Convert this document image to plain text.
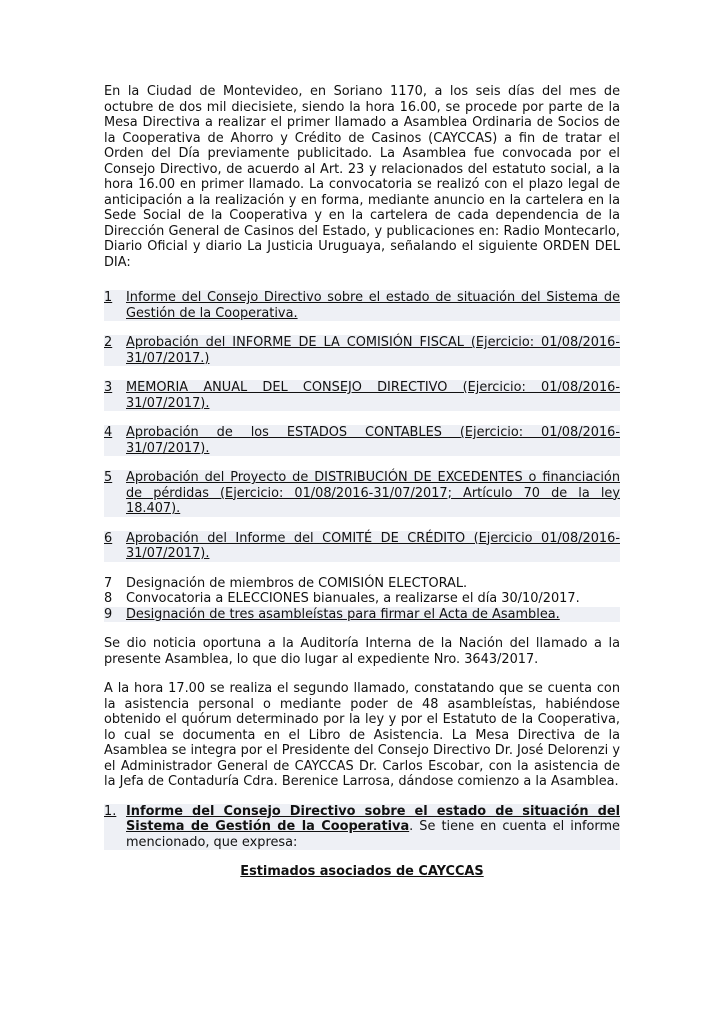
En la Ciudad de Montevideo, en Soriano 1170, a los seis días del mes de octubre de dos mil diecisiete, siendo la hora 16.00, se procede por parte de la Mesa Directiva a realizar el primer llamado a Asamblea Ordinaria de Socios de la Cooperativa de Ahorro y Crédito de Casinos (CAYCCAS) a fin de tratar el Orden del Día previamente publicitado. La Asamblea fue convocada por el Consejo Directivo, de acuerdo al Art. 23 y relacionados del estatuto social, a la hora 16.00 en primer llamado. La convocatoria se realizó con el plazo legal de anticipación a la realización y en forma, mediante anuncio en la cartelera en la Sede Social de la Cooperativa y en la cartelera de cada dependencia de la Dirección General de Casinos del Estado, y publicaciones en: Radio Montecarlo, Diario Oficial y diario La Justicia Uruguaya, señalando el siguiente ORDEN DEL DIA:

1	Informe del Consejo Directivo sobre el estado de situación del Sistema de Gestión de la Cooperativa.
2	Aprobación del INFORME DE LA COMISIÓN FISCAL (Ejercicio: 01/08/2016-31/07/2017.)
3	MEMORIA ANUAL DEL CONSEJO DIRECTIVO (Ejercicio: 01/08/2016-31/07/2017).
4	Aprobación de los ESTADOS CONTABLES (Ejercicio: 01/08/2016-31/07/2017).
5	Aprobación del Proyecto de DISTRIBUCIÓN DE EXCEDENTES o financiación de pérdidas (Ejercicio: 01/08/2016-31/07/2017; Artículo 70 de la ley 18.407).
6	Aprobación del Informe del COMITÉ DE CRÉDITO (Ejercicio 01/08/2016-31/07/2017).
7	Designación de miembros de COMISIÓN ELECTORAL.
8	Convocatoria a ELECCIONES bianuales, a realizarse el día 30/10/2017.
9	Designación de tres asambleístas para firmar el Acta de Asamblea.

Se dio noticia oportuna a la Auditoría Interna de la Nación del llamado a la presente Asamblea, lo que dio lugar al expediente Nro. 3643/2017.

A la hora 17.00 se realiza el segundo llamado, constatando que se cuenta con la asistencia personal o mediante poder de 48 asambleístas, habiéndose obtenido el quórum determinado por la ley y por el Estatuto de la Cooperativa, lo cual se documenta en el Libro de Asistencia. La Mesa Directiva de la Asamblea se integra por el Presidente del Consejo Directivo Dr. José Delorenzi y el Administrador General de CAYCCAS Dr. Carlos Escobar, con la asistencia de la Jefa de Contaduría Cdra. Berenice Larrosa, dándose comienzo a la Asamblea.

1. Informe del Consejo Directivo sobre el estado de situación del Sistema de Gestión de la Cooperativa. Se tiene en cuenta el informe mencionado, que expresa:
Estimados asociados de CAYCCAS
